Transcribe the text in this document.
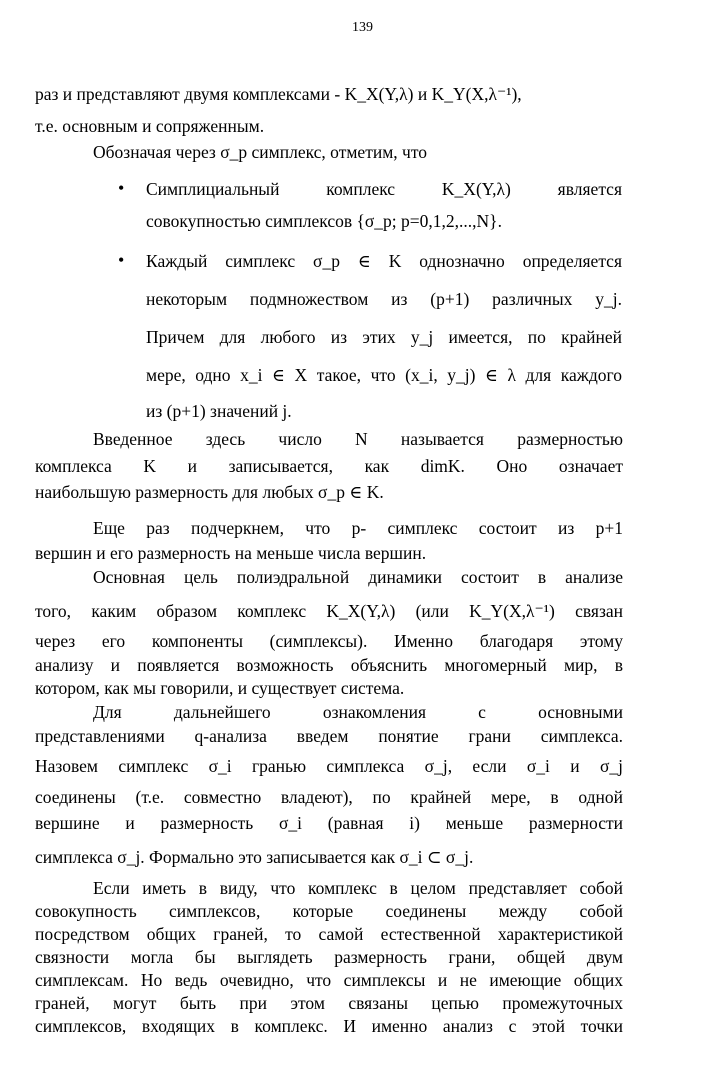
139
раз и представляют двумя комплексами - K_X(Y,λ) и K_Y(X,λ⁻¹),
т.е. основным и сопряженным.
Обозначая через σ_p симплекс, отметим, что
• Симплициальный комплекс K_X(Y,λ) является
совокупностью симплексов {σ_p; p=0,1,2,...,N}.
• Каждый симплекс σ_p ∈ K однозначно определяется
некоторым подмножеством из (p+1) различных y_j.
Причем для любого из этих y_j имеется, по крайней
мере, одно x_i ∈ X такое, что (x_i, y_j) ∈ λ для каждого
из (p+1) значений j.
Введенное здесь число N называется размерностью
комплекса K и записывается, как dimK. Оно означает
наибольшую размерность для любых σ_p ∈ K.
Еще раз подчеркнем, что p- симплекс состоит из p+1
вершин и его размерность на меньше числа вершин.
Основная цель полиэдральной динамики состоит в анализе
того, каким образом комплекс K_X(Y,λ) (или K_Y(X,λ⁻¹) связан
через его компоненты (симплексы). Именно благодаря этому
анализу и появляется возможность объяснить многомерный мир, в
котором, как мы говорили, и существует система.
Для дальнейшего ознакомления с основными
представлениями q-анализа введем понятие грани симплекса.
Назовем симплекс σ_i гранью симплекса σ_j, если σ_i и σ_j
соединены (т.е. совместно владеют), по крайней мере, в одной
вершине и размерность σ_i (равная i) меньше размерности
симплекса σ_j. Формально это записывается как σ_i ⊂ σ_j.
Если иметь в виду, что комплекс в целом представляет собой
совокупность симплексов, которые соединены между собой
посредством общих граней, то самой естественной характеристикой
связности могла бы выглядеть размерность грани, общей двум
симплексам. Но ведь очевидно, что симплексы и не имеющие общих
граней, могут быть при этом связаны цепью промежуточных
симплексов, входящих в комплекс. И именно анализ с этой точки
